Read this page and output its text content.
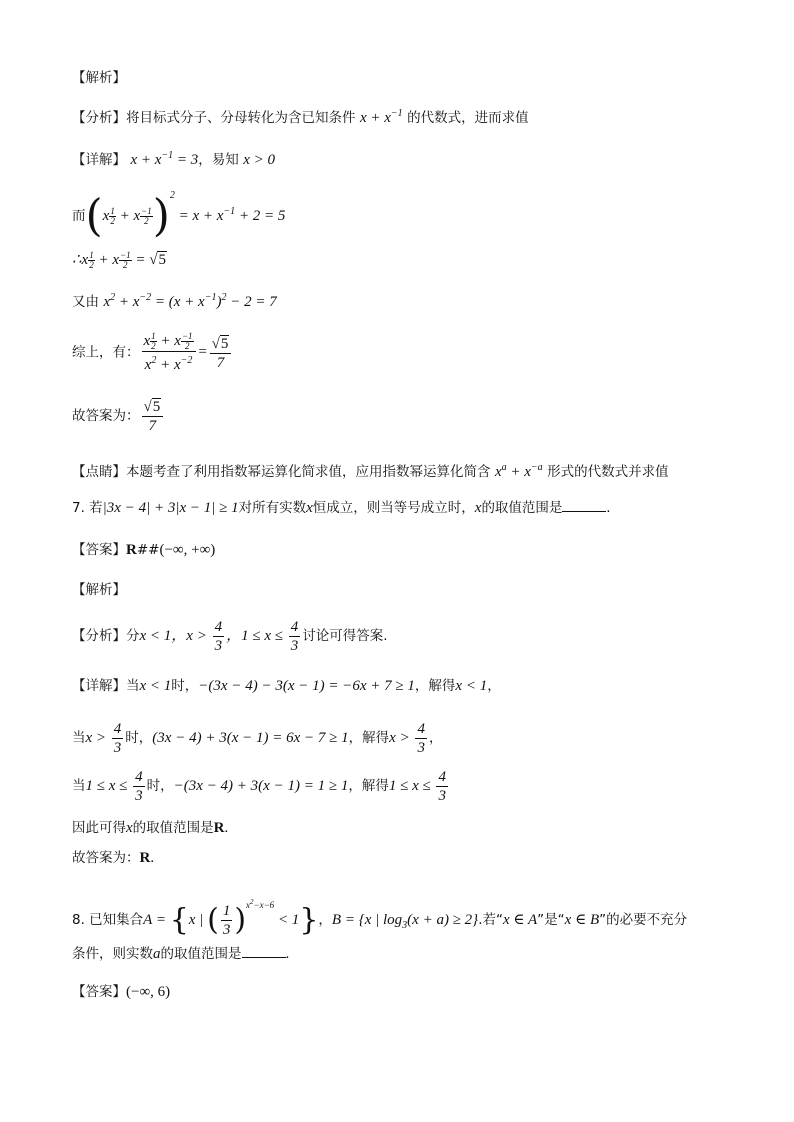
【解析】
【分析】将目标式分子、分母转化为含已知条件 $x + x^{-1}$ 的代数式，进而求值
【详解】 $x + x^{-1} = 3$，易知 x > 0
而$(x \frac{1}{2} + x \frac{-1}{2} )^2 = x + x^{-1} + 2 = 5$
∴x $\frac{1}{2} + x \frac{-1}{2} = √5$
又由 $x^2 + x^{-2} = (x + x^{-1})^2 - 2 = 7$
综上，有： $\frac{x \frac{1}{2} + x \frac{-1}{2}}{x^2 + x^{-2}} = \frac{√5}{7}$
故答案为： $\frac{√5}{7}$
【点睛】本题考查了利用指数幂运算化简求值，应用指数幂运算化简含 $x^a + x^{-a}$ 形式的代数式并求值
7. 若|3x − 4| + 3|x − 1| ≥ 1对所有实数x恒成立，则当等号成立时，x的取值范围是	.
【答案】R##(−∞, +∞)
【解析】
【分析】分x < 1，$x > \frac{4}{3}$ ，$1 \le x \le \frac{4}{3}$ 讨论可得答案.
【详解】当x < 1时，−(3x − 4) − 3(x − 1) = −6x + 7 ≥ 1，解得x < 1，
当$x > \frac{4}{3}$ 时，(3x − 4) + 3(x − 1) = 6x − 7 ≥ 1，解得$x > \frac{4}{3}$ ，
当$1 \le x \le \frac{4}{3}$ 时，−(3x − 4) + 3(x − 1) = 1 ≥ 1，解得$1 \le x \le \frac{4}{3}$
因此可得x的取值范围是R.
故答案为：R.
8. 已知集合A = {x | ( $\frac{1}{3} )^{x^2-x-6} < 1$}，B = {x | $\log_3(x + a) \ge 2$}.若“x ∈ A”是“x ∈ B”的必要不充分
条件，则实数a的取值范围是	.
【答案】(−∞, 6)
